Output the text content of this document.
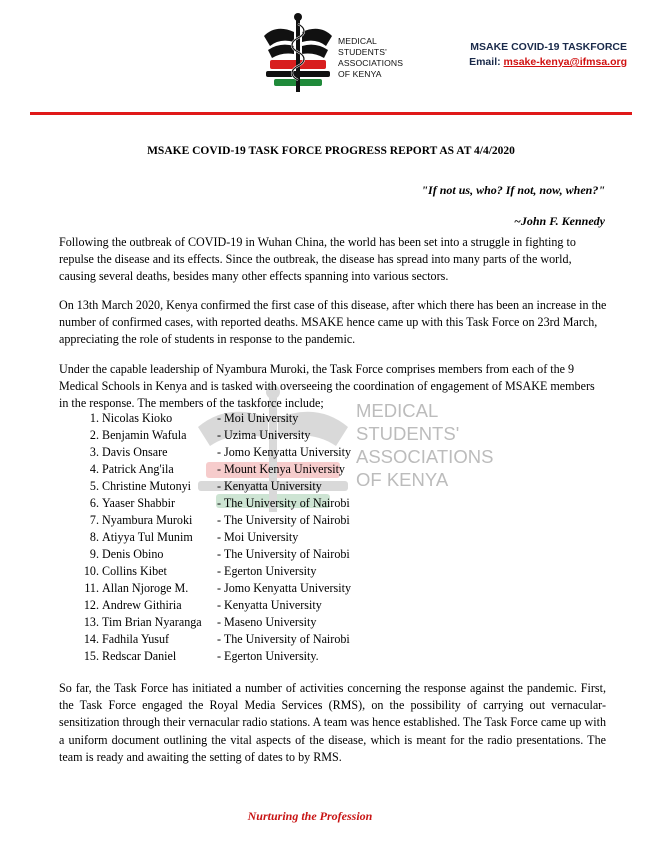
MEDICAL
STUDENTS'
ASSOCIATIONS
OF KENYA
MSAKE COVID-19 TASKFORCE
Email: msake-kenya@ifmsa.org
MEDICAL
STUDENTS'
ASSOCIATIONS
OF KENYA
MSAKE COVID-19 TASK FORCE PROGRESS REPORT AS AT 4/4/2020
"If not us, who? If not, now, when?"
~John F. Kennedy
Following the outbreak of COVID-19 in Wuhan China, the world has been set into a struggle in fighting to repulse the disease and its effects. Since the outbreak, the disease has spread into many parts of the world, causing several deaths, besides many other effects spanning into various sectors.
On 13th March 2020, Kenya confirmed the first case of this disease, after which there has been an increase in the number of confirmed cases, with reported deaths. MSAKE hence came up with this Task Force on 23rd March, appreciating the role of students in response to the pandemic.
Under the capable leadership of Nyambura Muroki, the Task Force comprises members from each of the 9 Medical Schools in Kenya and is tasked with overseeing the coordination of engagement of MSAKE members in the response. The members of the taskforce include;
1. Nicolas Kioko	- Moi University
2. Benjamin Wafula	- Uzima University
3. Davis Onsare	- Jomo Kenyatta University
4. Patrick Ang'ila	- Mount Kenya University
5. Christine Mutonyi	- Kenyatta University
6. Yaaser Shabbir	- The University of Nairobi
7. Nyambura Muroki	- The University of Nairobi
8. Atiyya Tul Munim	- Moi University
9. Denis Obino	- The University of Nairobi
10. Collins Kibet	- Egerton University
11. Allan Njoroge M.	- Jomo Kenyatta University
12. Andrew Githiria	- Kenyatta University
13. Tim Brian Nyaranga	- Maseno University
14. Fadhila Yusuf	- The University of Nairobi
15. Redscar Daniel	- Egerton University.
So far, the Task Force has initiated a number of activities concerning the response against the pandemic. First, the Task Force engaged the Royal Media Services (RMS), on the possibility of carrying out vernacular-sensitization through their vernacular radio stations. A team was hence established. The Task Force came up with a uniform document outlining the vital aspects of the disease, which is meant for the radio presentations. The team is ready and awaiting the setting of dates to by RMS.
Nurturing the Profession
